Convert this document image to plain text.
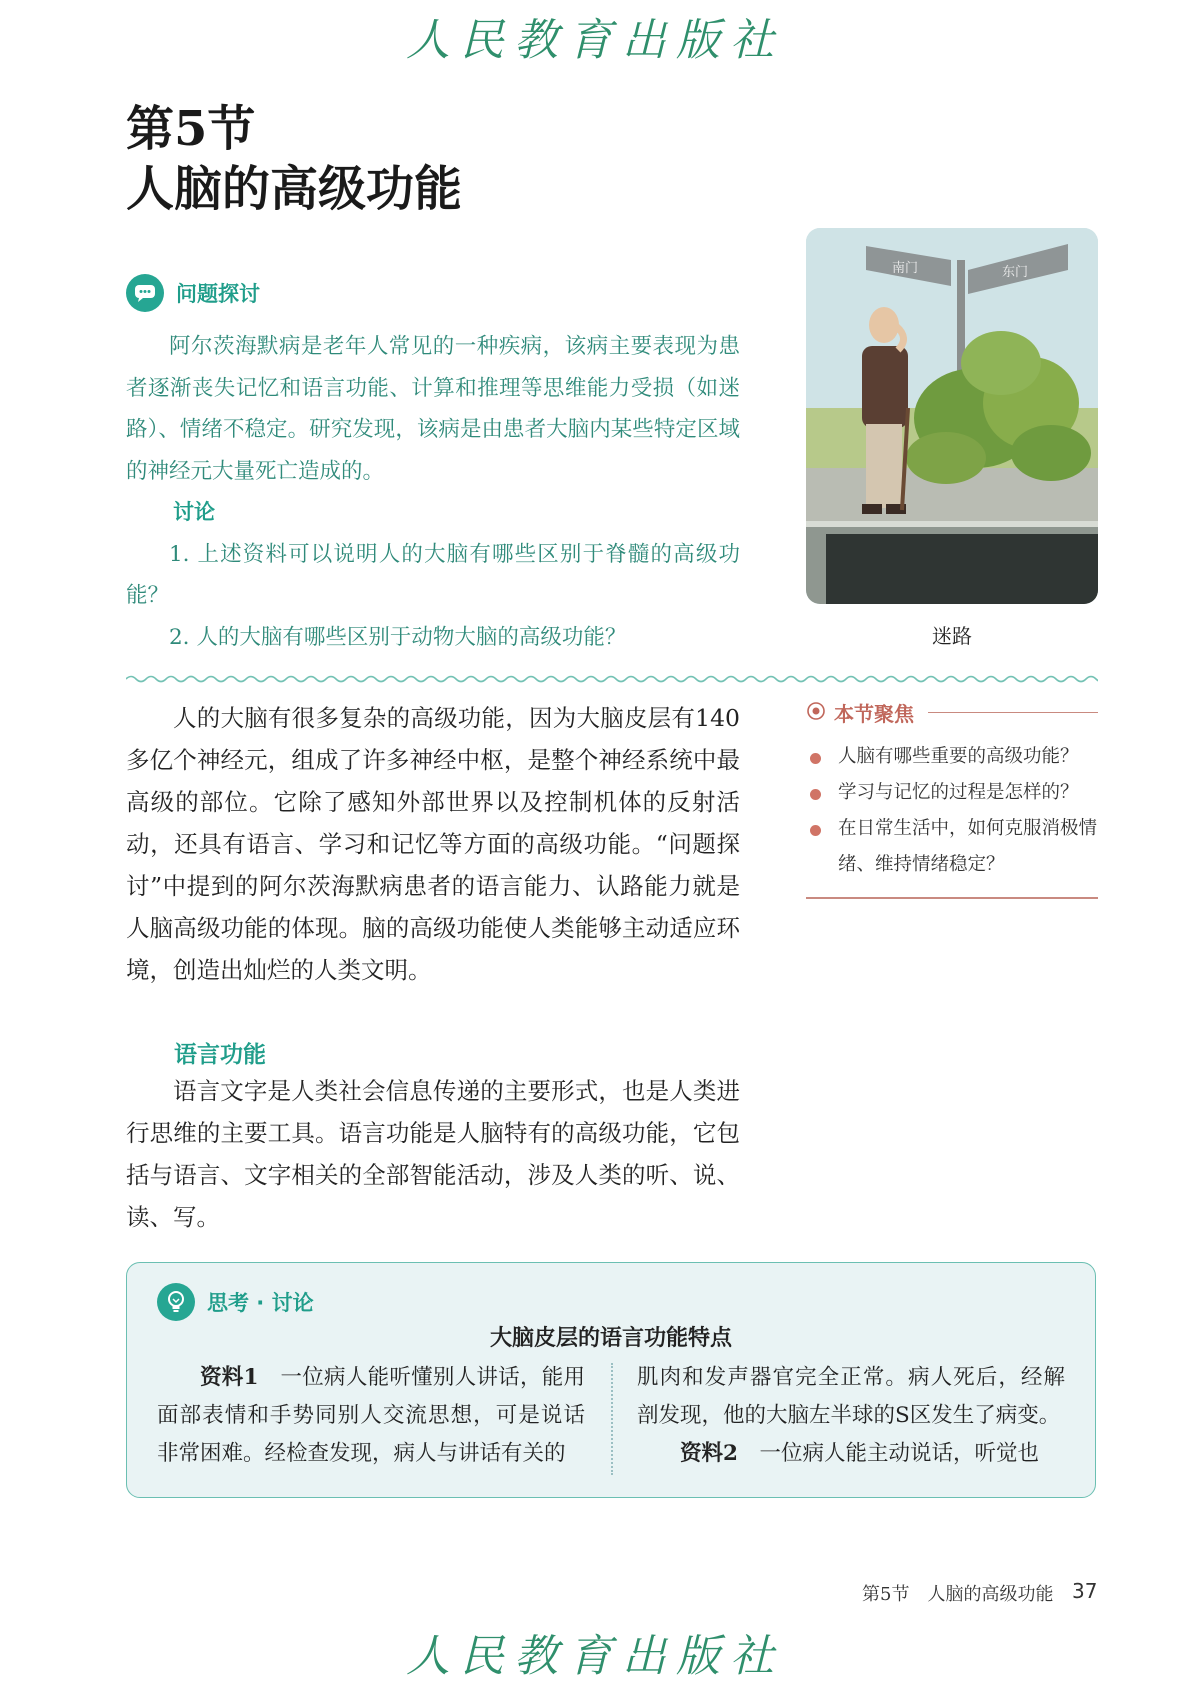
人民教育出版社
第5节
人脑的高级功能
问题探讨

阿尔茨海默病是老年人常见的一种疾病，该病主要表现为患者逐渐丧失记忆和语言功能、计算和推理等思维能力受损（如迷路）、情绪不稳定。研究发现，该病是由患者大脑内某些特定区域的神经元大量死亡造成的。

讨论

1. 上述资料可以说明人的大脑有哪些区别于脊髓的高级功能？

2. 人的大脑有哪些区别于动物大脑的高级功能？

南门	东门
迷路

人的大脑有很多复杂的高级功能，因为大脑皮层有140多亿个神经元，组成了许多神经中枢，是整个神经系统中最高级的部位。它除了感知外部世界以及控制机体的反射活动，还具有语言、学习和记忆等方面的高级功能。“问题探讨”中提到的阿尔茨海默病患者的语言能力、认路能力就是人脑高级功能的体现。脑的高级功能使人类能够主动适应环境，创造出灿烂的人类文明。

本节聚焦
人脑有哪些重要的高级功能？
学习与记忆的过程是怎样的？
在日常生活中，如何克服消极情绪、维持情绪稳定？
语言功能

语言文字是人类社会信息传递的主要形式，也是人类进行思维的主要工具。语言功能是人脑特有的高级功能，它包括与语言、文字相关的全部智能活动，涉及人类的听、说、读、写。

思考 · 讨论
大脑皮层的语言功能特点

资料1　 一位病人能听懂别人讲话，能用面部表情和手势同别人交流思想，可是说话非常困难。经检查发现，病人与讲话有关的

肌肉和发声器官完全正常。病人死后，经解剖发现，他的大脑左半球的S区发生了病变。

资料2　 一位病人能主动说话，听觉也

第5节　人脑的高级功能 37
人民教育出版社
